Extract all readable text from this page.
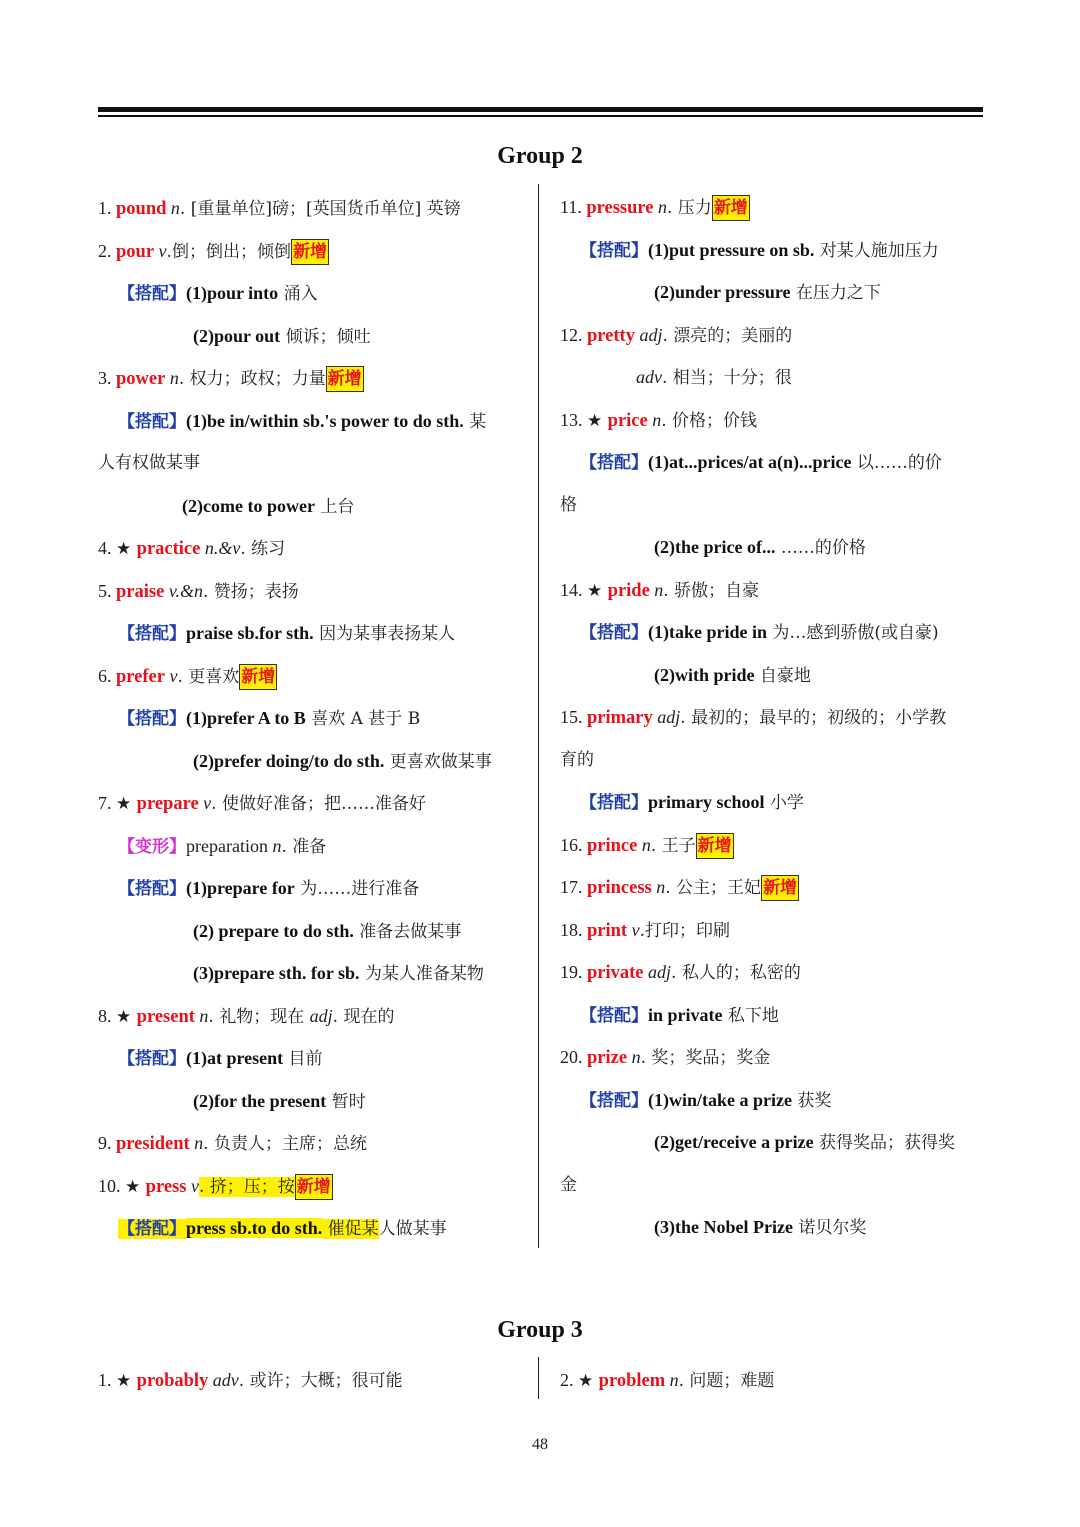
Group 2
1. pound n. [重量单位]磅；[英国货币单位] 英镑
2. pour v.倒；倒出；倾倒 新增
【搭配】(1)pour into 涌入
(2)pour out 倾诉；倾吐
3. power n. 权力；政权；力量 新增
【搭配】(1)be in/within sb.'s power to do sth. 某
人有权做某事
(2)come to power 上台
4. ★ practice n.&v. 练习
5. praise v.&n. 赞扬；表扬
【搭配】praise sb.for sth. 因为某事表扬某人
6. prefer v. 更喜欢 新增
【搭配】(1)prefer A to B 喜欢 A 甚于 B
(2)prefer doing/to do sth. 更喜欢做某事
7. ★ prepare v. 使做好准备；把……准备好
【变形】preparation n. 准备
【搭配】(1)prepare for 为……进行准备
(2) prepare to do sth. 准备去做某事
(3)prepare sth. for sb. 为某人准备某物
8. ★ present n. 礼物；现在 adj. 现在的
【搭配】(1)at present 目前
(2)for the present 暂时
9. president n. 负责人；主席；总统
10. ★ press v. 挤；压；按 新增
【搭配】press sb.to do sth. 催促某人做某事
11. pressure n. 压力 新增
【搭配】(1)put pressure on sb. 对某人施加压力
(2)under pressure 在压力之下
12. pretty adj. 漂亮的；美丽的
adv. 相当；十分；很
13. ★ price n. 价格；价钱
【搭配】(1)at...prices/at a(n)...price 以……的价
格
(2)the price of... ……的价格
14. ★ pride n. 骄傲；自豪
【搭配】(1)take pride in 为…感到骄傲(或自豪)
(2)with pride 自豪地
15. primary adj. 最初的；最早的；初级的；小学教
育的
【搭配】primary school 小学
16. prince n. 王子 新增
17. princess n. 公主；王妃 新增
18. print v.打印；印刷
19. private adj. 私人的；私密的
【搭配】in private 私下地
20. prize n. 奖；奖品；奖金
【搭配】(1)win/take a prize 获奖
(2)get/receive a prize 获得奖品；获得奖
金
(3)the Nobel Prize 诺贝尔奖
Group 3
1. ★ probably adv. 或许；大概；很可能	2. ★ problem n. 问题；难题
48
